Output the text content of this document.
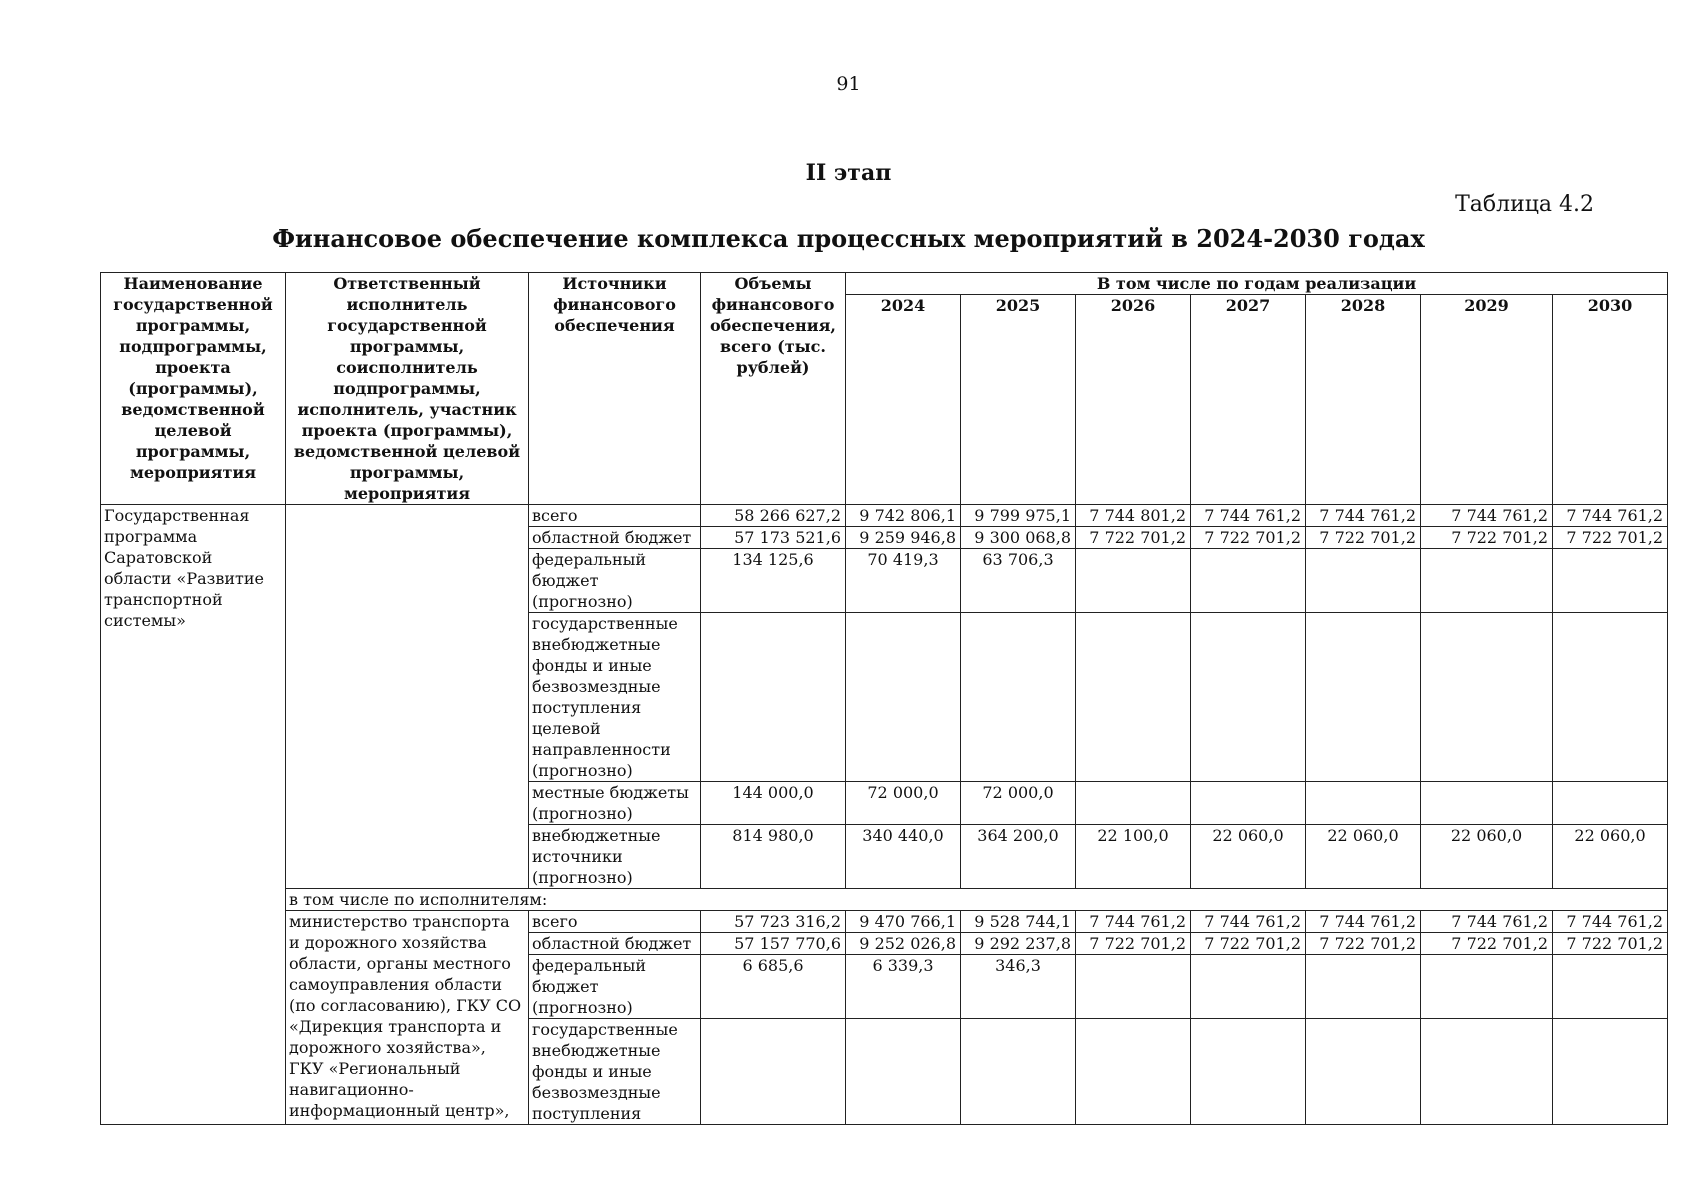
91
II этап
Таблица 4.2
Финансовое обеспечение комплекса процессных мероприятий в 2024-2030 годах
Наименование государственной программы, подпрограммы, проекта (программы), ведомственной целевой программы, мероприятия	Ответственный исполнитель государственной программы, соисполнитель подпрограммы, исполнитель, участник проекта (программы), ведомственной целевой программы, мероприятия	Источники финансового обеспечения	Объемы финансового обеспечения, всего (тыс. рублей)	В том числе по годам реализации						
				2024	2025	2026	2027	2028	2029	2030
Государственная программа Саратовской области «Развитие транспортной системы»		всего	58 266 627,2	9 742 806,1	9 799 975,1	7 744 801,2	7 744 761,2	7 744 761,2	7 744 761,2	7 744 761,2
		областной бюджет	57 173 521,6	9 259 946,8	9 300 068,8	7 722 701,2	7 722 701,2	7 722 701,2	7 722 701,2	7 722 701,2
		федеральный бюджет (прогнозно)	134 125,6	70 419,3	63 706,3					
		государственные внебюджетные фонды и иные безвозмездные поступления целевой направленности (прогнозно)								
		местные бюджеты (прогнозно)	144 000,0	72 000,0	72 000,0					
		внебюджетные источники (прогнозно)	814 980,0	340 440,0	364 200,0	22 100,0	22 060,0	22 060,0	22 060,0	22 060,0
	в том числе по исполнителям:									
	министерство транспорта и дорожного хозяйства области, органы местного самоуправления области (по согласованию), ГКУ СО «Дирекция транспорта и дорожного хозяйства», ГКУ «Региональный навигационно-информационный центр»,	всего	57 723 316,2	9 470 766,1	9 528 744,1	7 744 761,2	7 744 761,2	7 744 761,2	7 744 761,2	7 744 761,2
		областной бюджет	57 157 770,6	9 252 026,8	9 292 237,8	7 722 701,2	7 722 701,2	7 722 701,2	7 722 701,2	7 722 701,2
		федеральный бюджет (прогнозно)	6 685,6	6 339,3	346,3					
		государственные внебюджетные фонды и иные безвозмездные поступления								
